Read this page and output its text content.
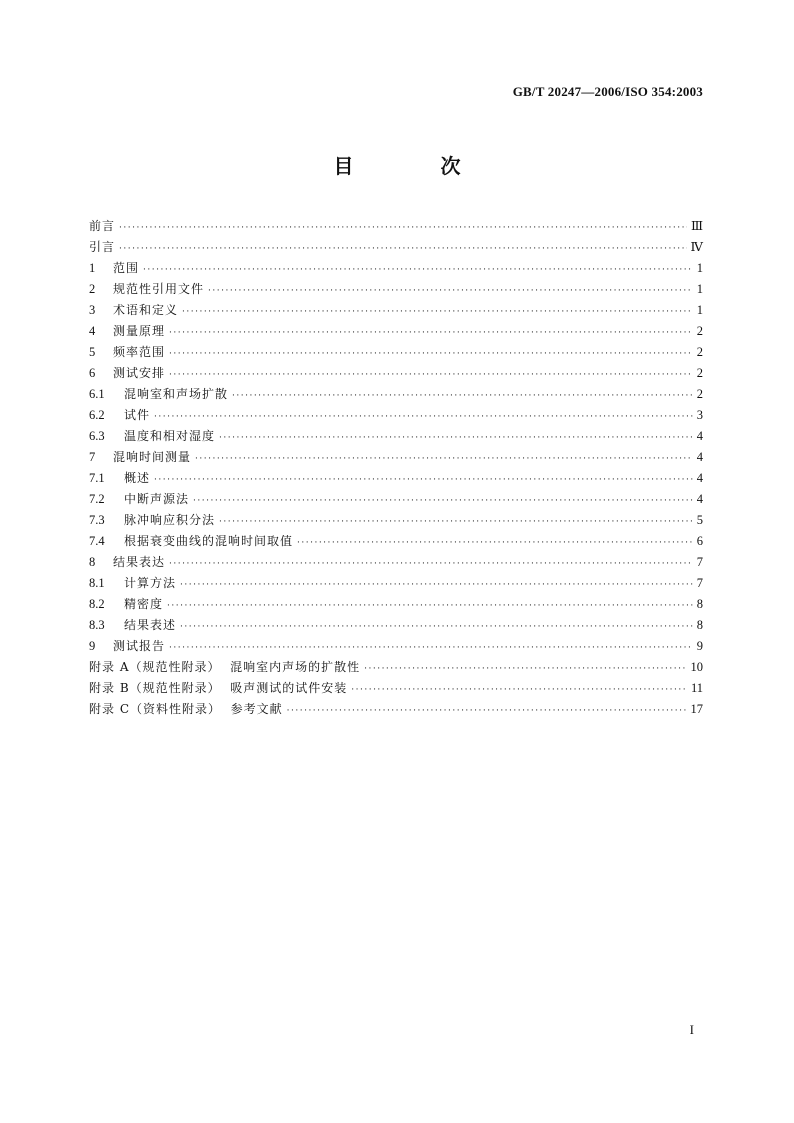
GB/T 20247—2006/ISO 354:2003
目 次
前言 ·····	Ⅲ
引言 ·····	Ⅳ
1	范围 ·····	1
2	规范性引用文件 ·····	1
3	术语和定义 ·····	1
4	测量原理 ·····	2
5	频率范围 ·····	2
6	测试安排 ·····	2
6.1	混响室和声场扩散 ·····	2
6.2	试件 ·····	3
6.3	温度和相对湿度 ·····	4
7	混响时间测量 ·····	4
7.1	概述 ·····	4
7.2	中断声源法 ·····	4
7.3	脉冲响应积分法 ·····	5
7.4	根据衰变曲线的混响时间取值 ·····	6
8	结果表达 ·····	7
8.1	计算方法 ·····	7
8.2	精密度 ·····	8
8.3	结果表述 ·····	8
9	测试报告 ·····	9
附录 A（规范性附录）  混响室内声场的扩散性 ·····	10
附录 B（规范性附录）  吸声测试的试件安装 ·····	11
附录 C（资料性附录）  参考文献 ·····	17
I
